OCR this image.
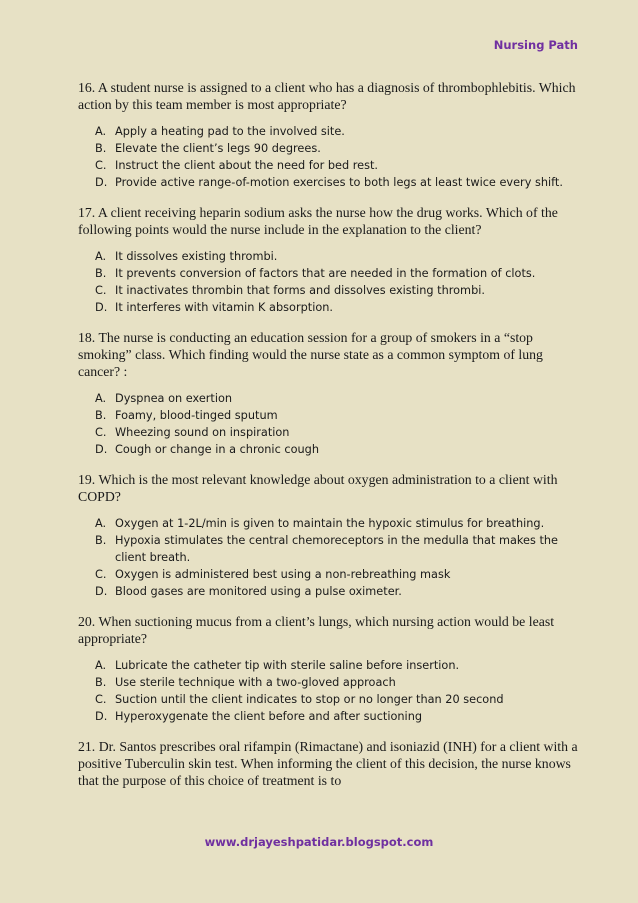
Nursing Path

16. A student nurse is assigned to a client who has a diagnosis of thrombophlebitis. Which action by this team member is most appropriate?

A. Apply a heating pad to the involved site.
B. Elevate the client’s legs 90 degrees.
C. Instruct the client about the need for bed rest.
D. Provide active range-of-motion exercises to both legs at least twice every shift.

17. A client receiving heparin sodium asks the nurse how the drug works. Which of the following points would the nurse include in the explanation to the client?

A. It dissolves existing thrombi.
B. It prevents conversion of factors that are needed in the formation of clots.
C. It inactivates thrombin that forms and dissolves existing thrombi.
D. It interferes with vitamin K absorption.

18. The nurse is conducting an education session for a group of smokers in a “stop smoking” class. Which finding would the nurse state as a common symptom of lung cancer? :

A. Dyspnea on exertion
B. Foamy, blood-tinged sputum
C. Wheezing sound on inspiration
D. Cough or change in a chronic cough

19. Which is the most relevant knowledge about oxygen administration to a client with COPD?

A. Oxygen at 1-2L/min is given to maintain the hypoxic stimulus for breathing.
B. Hypoxia stimulates the central chemoreceptors in the medulla that makes the client breath.
C. Oxygen is administered best using a non-rebreathing mask
D. Blood gases are monitored using a pulse oximeter.

20. When suctioning mucus from a client’s lungs, which nursing action would be least appropriate?

A. Lubricate the catheter tip with sterile saline before insertion.
B. Use sterile technique with a two-gloved approach
C. Suction until the client indicates to stop or no longer than 20 second
D. Hyperoxygenate the client before and after suctioning

21. Dr. Santos prescribes oral rifampin (Rimactane) and isoniazid (INH) for a client with a positive Tuberculin skin test. When informing the client of this decision, the nurse knows that the purpose of this choice of treatment is to

www.drjayeshpatidar.blogspot.com
